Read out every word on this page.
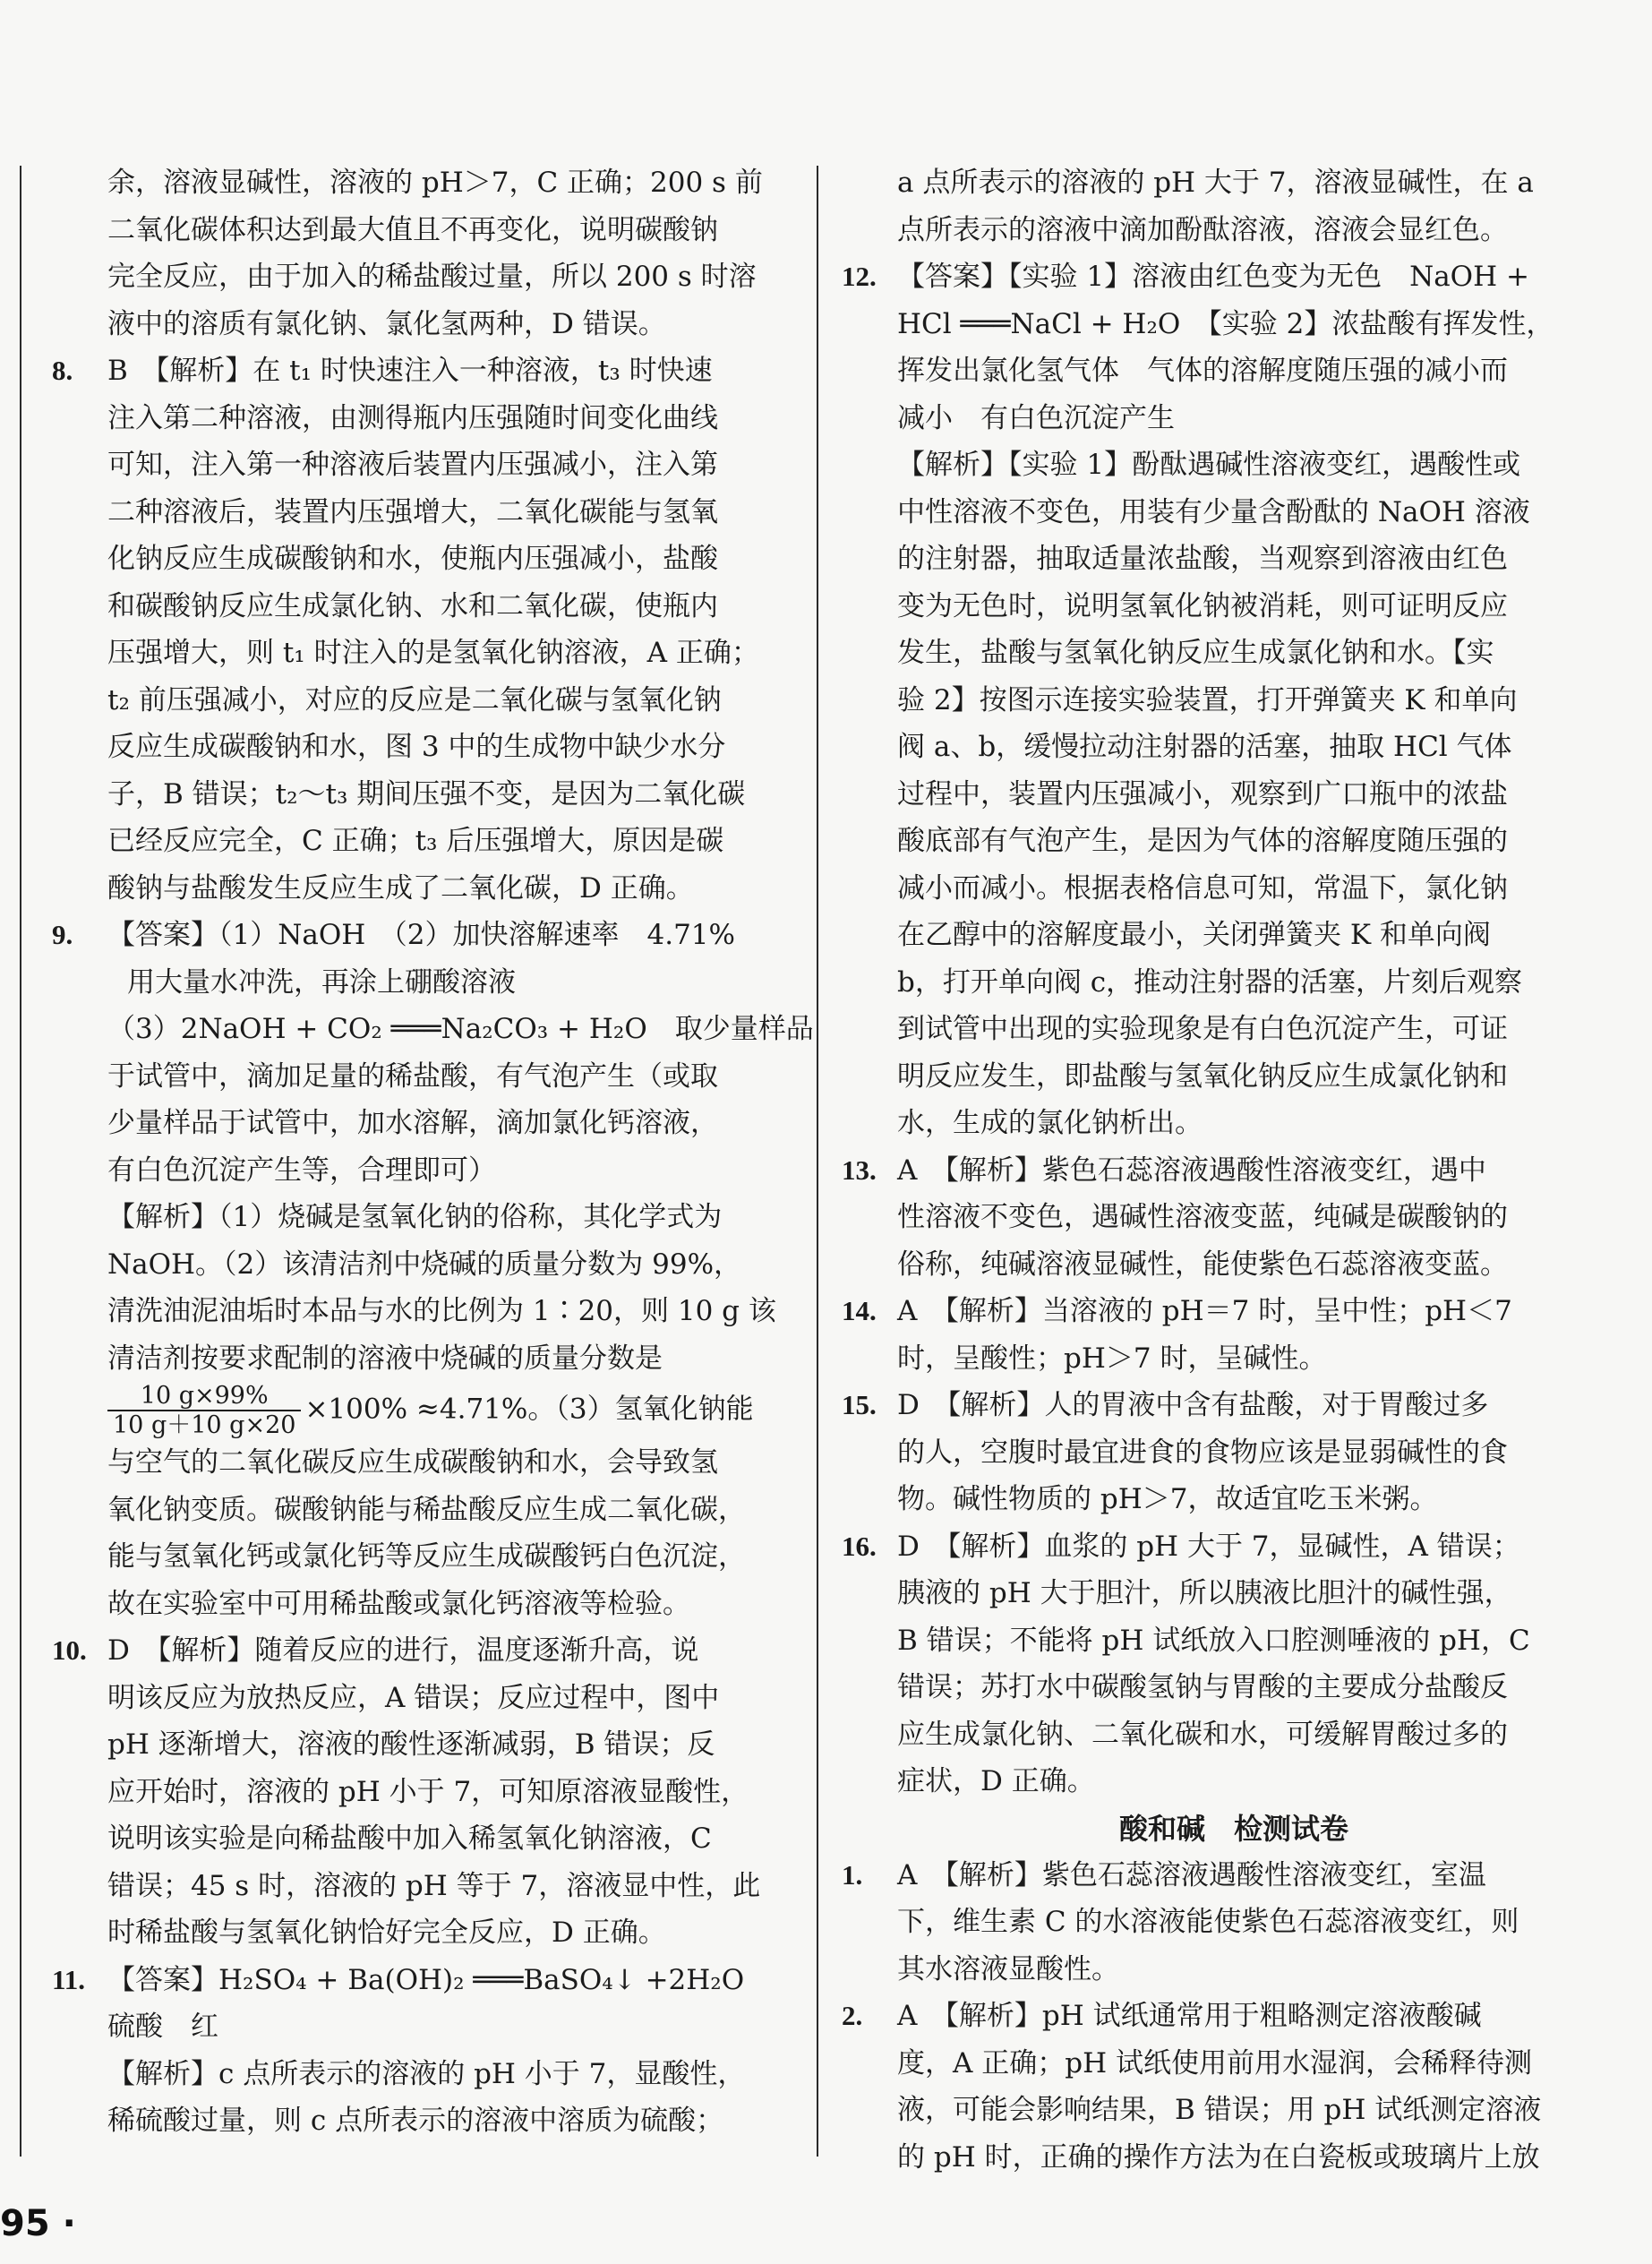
余，溶液显碱性，溶液的 pH＞7，C 正确；200 s 前
二氧化碳体积达到最大值且不再变化，说明碳酸钠
完全反应，由于加入的稀盐酸过量，所以 200 s 时溶
液中的溶质有氯化钠、氯化氢两种，D 错误。
8. B　【解析】在 t₁ 时快速注入一种溶液，t₃ 时快速
注入第二种溶液，由测得瓶内压强随时间变化曲线
可知，注入第一种溶液后装置内压强减小，注入第
二种溶液后，装置内压强增大，二氧化碳能与氢氧
化钠反应生成碳酸钠和水，使瓶内压强减小，盐酸
和碳酸钠反应生成氯化钠、水和二氧化碳，使瓶内
压强增大，则 t₁ 时注入的是氢氧化钠溶液，A 正确；
t₂ 前压强减小，对应的反应是二氧化碳与氢氧化钠
反应生成碳酸钠和水，图 3 中的生成物中缺少水分
子，B 错误；t₂～t₃ 期间压强不变，是因为二氧化碳
已经反应完全，C 正确；t₃ 后压强增大，原因是碳
酸钠与盐酸发生反应生成了二氧化碳，D 正确。
9. 【答案】（1）NaOH　（2）加快溶解速率　4.71%
用大量水冲洗，再涂上硼酸溶液
（3）2NaOH + CO₂ ═══Na₂CO₃ + H₂O　取少量样品
于试管中，滴加足量的稀盐酸，有气泡产生（或取
少量样品于试管中，加水溶解，滴加氯化钙溶液，
有白色沉淀产生等，合理即可）
【解析】（1）烧碱是氢氧化钠的俗称，其化学式为
NaOH。（2）该清洁剂中烧碱的质量分数为 99%，
清洗油泥油垢时本品与水的比例为 1∶20，则 10 g 该
清洁剂按要求配制的溶液中烧碱的质量分数是
$\frac{10 g\times 99\%}{10 g+10 g\times 20} \times 100\% \approx 4.71\%$。（3）氢氧化钠能
与空气的二氧化碳反应生成碳酸钠和水，会导致氢
氧化钠变质。碳酸钠能与稀盐酸反应生成二氧化碳，
能与氢氧化钙或氯化钙等反应生成碳酸钙白色沉淀，
故在实验室中可用稀盐酸或氯化钙溶液等检验。
10. D　【解析】随着反应的进行，温度逐渐升高，说
明该反应为放热反应，A 错误；反应过程中，图中
pH 逐渐增大，溶液的酸性逐渐减弱，B 错误；反
应开始时，溶液的 pH 小于 7，可知原溶液显酸性，
说明该实验是向稀盐酸中加入稀氢氧化钠溶液，C
错误；45 s 时，溶液的 pH 等于 7，溶液显中性，此
时稀盐酸与氢氧化钠恰好完全反应，D 正确。
11. 【答案】H₂SO₄ + Ba(OH)₂ ═══BaSO₄↓ +2H₂O
硫酸　红
【解析】c 点所表示的溶液的 pH 小于 7，显酸性，
稀硫酸过量，则 c 点所表示的溶液中溶质为硫酸；
a 点所表示的溶液的 pH 大于 7，溶液显碱性，在 a
点所表示的溶液中滴加酚酞溶液，溶液会显红色。
12. 【答案】【实验 1】溶液由红色变为无色　NaOH +
HCl ═══NaCl + H₂O　【实验 2】浓盐酸有挥发性，
挥发出氯化氢气体　气体的溶解度随压强的减小而
减小　有白色沉淀产生
【解析】【实验 1】酚酞遇碱性溶液变红，遇酸性或
中性溶液不变色，用装有少量含酚酞的 NaOH 溶液
的注射器，抽取适量浓盐酸，当观察到溶液由红色
变为无色时，说明氢氧化钠被消耗，则可证明反应
发生，盐酸与氢氧化钠反应生成氯化钠和水。【实
验 2】按图示连接实验装置，打开弹簧夹 K 和单向
阀 a、b，缓慢拉动注射器的活塞，抽取 HCl 气体
过程中，装置内压强减小，观察到广口瓶中的浓盐
酸底部有气泡产生，是因为气体的溶解度随压强的
减小而减小。根据表格信息可知，常温下，氯化钠
在乙醇中的溶解度最小，关闭弹簧夹 K 和单向阀
b，打开单向阀 c，推动注射器的活塞，片刻后观察
到试管中出现的实验现象是有白色沉淀产生，可证
明反应发生，即盐酸与氢氧化钠反应生成氯化钠和
水，生成的氯化钠析出。
13. A　【解析】紫色石蕊溶液遇酸性溶液变红，遇中
性溶液不变色，遇碱性溶液变蓝，纯碱是碳酸钠的
俗称，纯碱溶液显碱性，能使紫色石蕊溶液变蓝。
14. A　【解析】当溶液的 pH＝7 时，呈中性；pH＜7
时，呈酸性；pH＞7 时，呈碱性。
15. D　【解析】人的胃液中含有盐酸，对于胃酸过多
的人，空腹时最宜进食的食物应该是显弱碱性的食
物。碱性物质的 pH＞7，故适宜吃玉米粥。
16. D　【解析】血浆的 pH 大于 7，显碱性，A 错误；
胰液的 pH 大于胆汁，所以胰液比胆汁的碱性强，
B 错误；不能将 pH 试纸放入口腔测唾液的 pH，C
错误；苏打水中碳酸氢钠与胃酸的主要成分盐酸反
应生成氯化钠、二氧化碳和水，可缓解胃酸过多的
症状，D 正确。
酸和碱　检测试卷
1. A　【解析】紫色石蕊溶液遇酸性溶液变红，室温
下，维生素 C 的水溶液能使紫色石蕊溶液变红，则
其水溶液显酸性。
2. A　【解析】pH 试纸通常用于粗略测定溶液酸碱
度，A 正确；pH 试纸使用前用水湿润，会稀释待测
液，可能会影响结果，B 错误；用 pH 试纸测定溶液
的 pH 时，正确的操作方法为在白瓷板或玻璃片上放
95 ·
